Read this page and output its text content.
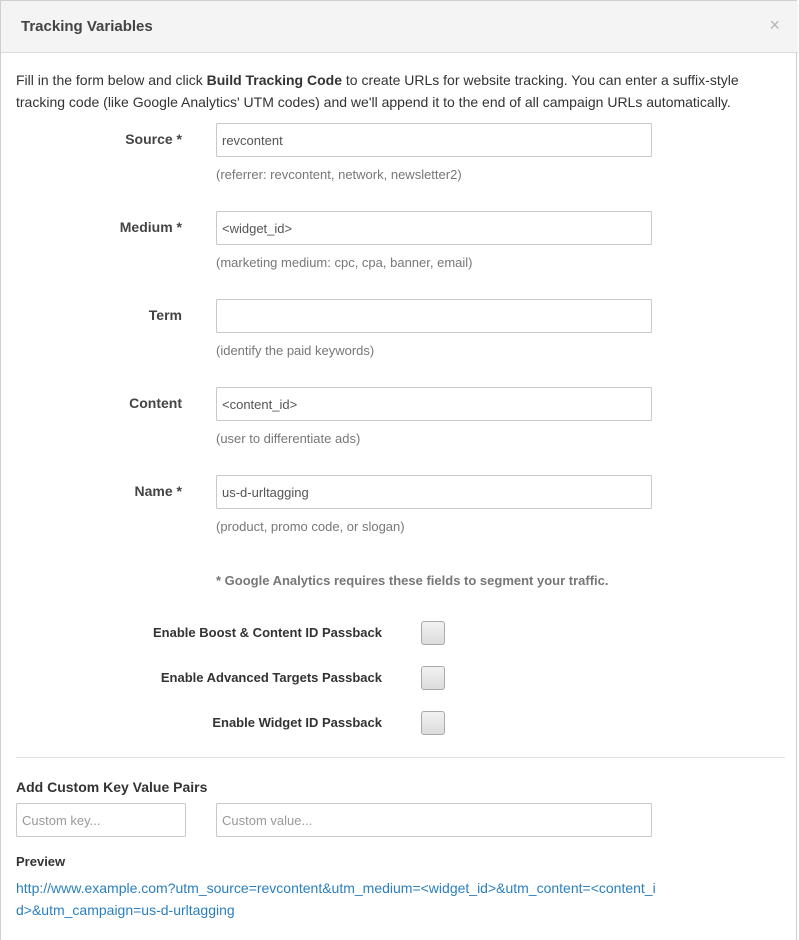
Tracking Variables	×
Fill in the form below and click Build Tracking Code to create URLs for website tracking. You can enter a suffix-style tracking code (like Google Analytics' UTM codes) and we'll append it to the end of all campaign URLs automatically.
Source *
revcontent
(referrer: revcontent, network, newsletter2)
Medium *
<widget_id>
(marketing medium: cpc, cpa, banner, email)
Term
(identify the paid keywords)
Content
<content_id>
(user to differentiate ads)
Name *
us-d-urltagging
(product, promo code, or slogan)
* Google Analytics requires these fields to segment your traffic.
Enable Boost & Content ID Passback
Enable Advanced Targets Passback
Enable Widget ID Passback
Add Custom Key Value Pairs
Custom key...
Custom value...
Preview
http://www.example.com?utm_source=revcontent&utm_medium=<widget_id>&utm_content=<content_id>&utm_campaign=us-d-urltagging
